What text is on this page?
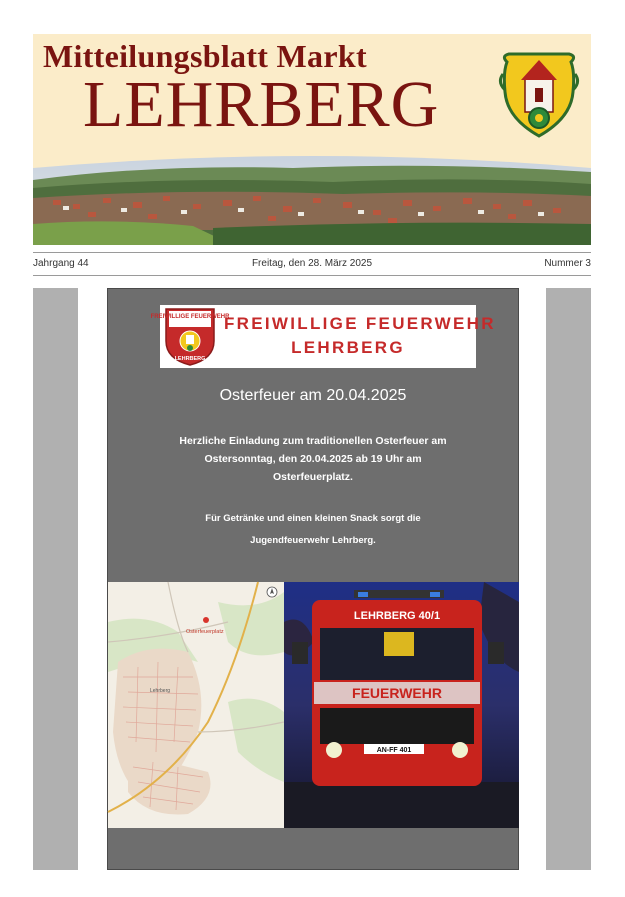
Mitteilungsblatt Markt
LEHRBERG
Jahrgang 44	Freitag, den 28. März 2025	Nummer 3
FREIWILLIGE FEUERWEHR
LEHRBERG
FREIWILLIGE FEUERWEHR
LEHRBERG
Osterfeuer am 20.04.2025
Herzliche Einladung zum traditionellen Osterfeuer am
Ostersonntag, den 20.04.2025 ab 19 Uhr am
Osterfeuerplatz.
Für Getränke und einen kleinen Snack sorgt die
Jugendfeuerwehr Lehrberg.
Osterfeuerplatz
Lehrberg
LEHRBERG 40/1
FEUERWEHR
AN-FF 401
